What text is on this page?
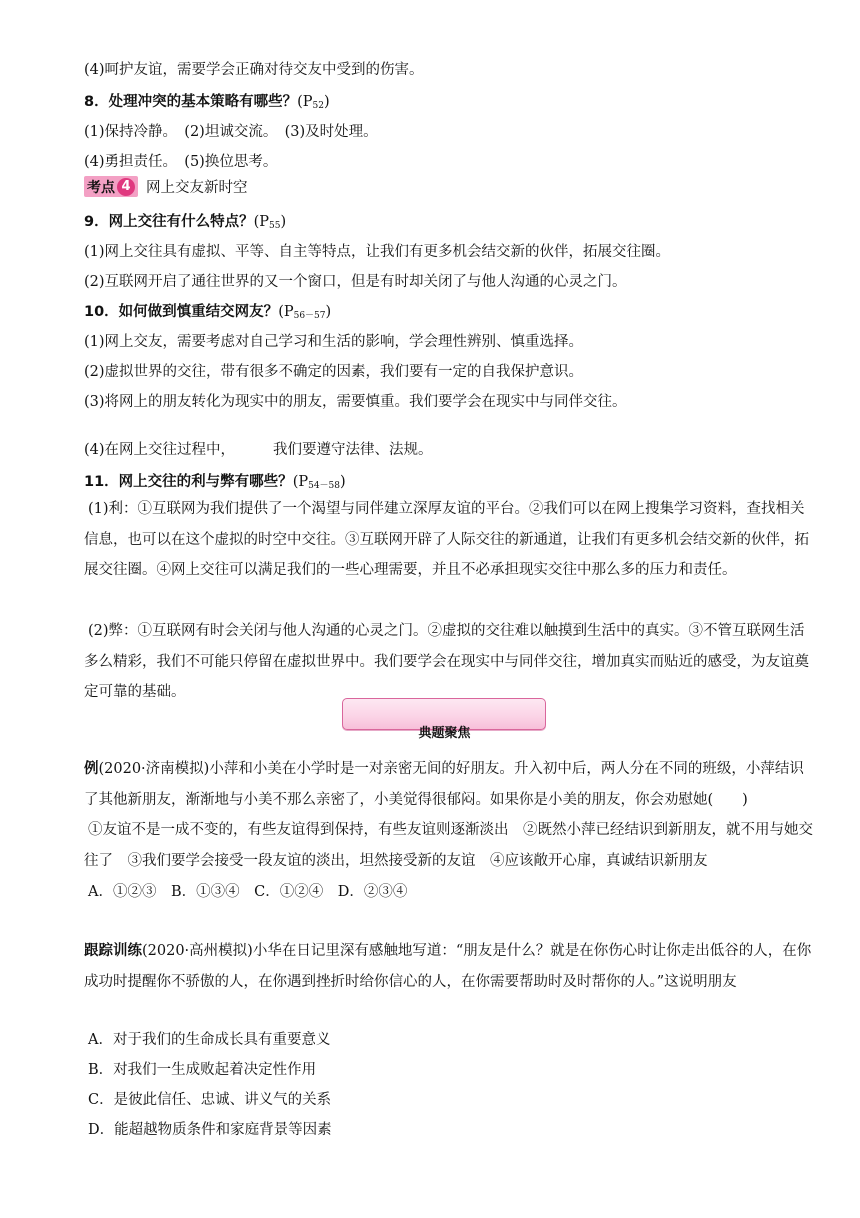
(4)呵护友谊，需要学会正确对待交友中受到的伤害。
8．处理冲突的基本策略有哪些？$(P_{52})$
(1)保持冷静。　(2)坦诚交流。　(3)及时处理。
(4)勇担责任。　(5)换位思考。
考点 4	网上交友新时空
9．网上交往有什么特点？$(P_{55})$
(1)网上交往具有虚拟、平等、自主等特点，让我们有更多机会结交新的伙伴，拓展交往圈。
(2)互联网开启了通往世界的又一个窗口，但是有时却关闭了与他人沟通的心灵之门。
10．如何做到慎重结交网友？$(P_{56-57})$
(1)网上交友，需要考虑对自己学习和生活的影响，学会理性辨别、慎重选择。
(2)虚拟世界的交往，带有很多不确定的因素，我们要有一定的自我保护意识。
(3)将网上的朋友转化为现实中的朋友，需要慎重。我们要学会在现实中与同伴交往。
(4)在网上交往过程中，	我们要遵守法律、法规。
11．网上交往的利与弊有哪些？$(P_{54-58})$
(1)利：①互联网为我们提供了一个渴望与同伴建立深厚友谊的平台。②我们可以在网上搜集学习资料，查找相关信息，也可以在这个虚拟的时空中交往。③互联网开辟了人际交往的新通道，让我们有更多机会结交新的伙伴，拓展交往圈。④网上交往可以满足我们的一些心理需要，并且不必承担现实交往中那么多的压力和责任。
(2)弊：①互联网有时会关闭与他人沟通的心灵之门。②虚拟的交往难以触摸到生活中的真实。③不管互联网生活多么精彩，我们不可能只停留在虚拟世界中。我们要学会在现实中与同伴交往，增加真实而贴近的感受，为友谊奠定可靠的基础。
典题聚焦
例(2020·济南模拟)小萍和小美在小学时是一对亲密无间的好朋友。升入初中后，两人分在不同的班级，小萍结识了其他新朋友，渐渐地与小美不那么亲密了，小美觉得很郁闷。如果你是小美的朋友，你会劝慰她(　　)
①友谊不是一成不变的，有些友谊得到保持，有些友谊则逐渐淡出　②既然小萍已经结识到新朋友，就不用与她交往了　③我们要学会接受一段友谊的淡出，坦然接受新的友谊　④应该敞开心扉，真诚结识新朋友
A．①②③　B．①③④　C．①②④　D．②③④
跟踪训练(2020·高州模拟)小华在日记里深有感触地写道：“朋友是什么？就是在你伤心时让你走出低谷的人，在你成功时提醒你不骄傲的人，在你遇到挫折时给你信心的人，在你需要帮助时及时帮你的人。”这说明朋友
A．对于我们的生命成长具有重要意义
B．对我们一生成败起着决定性作用
C．是彼此信任、忠诚、讲义气的关系
D．能超越物质条件和家庭背景等因素
